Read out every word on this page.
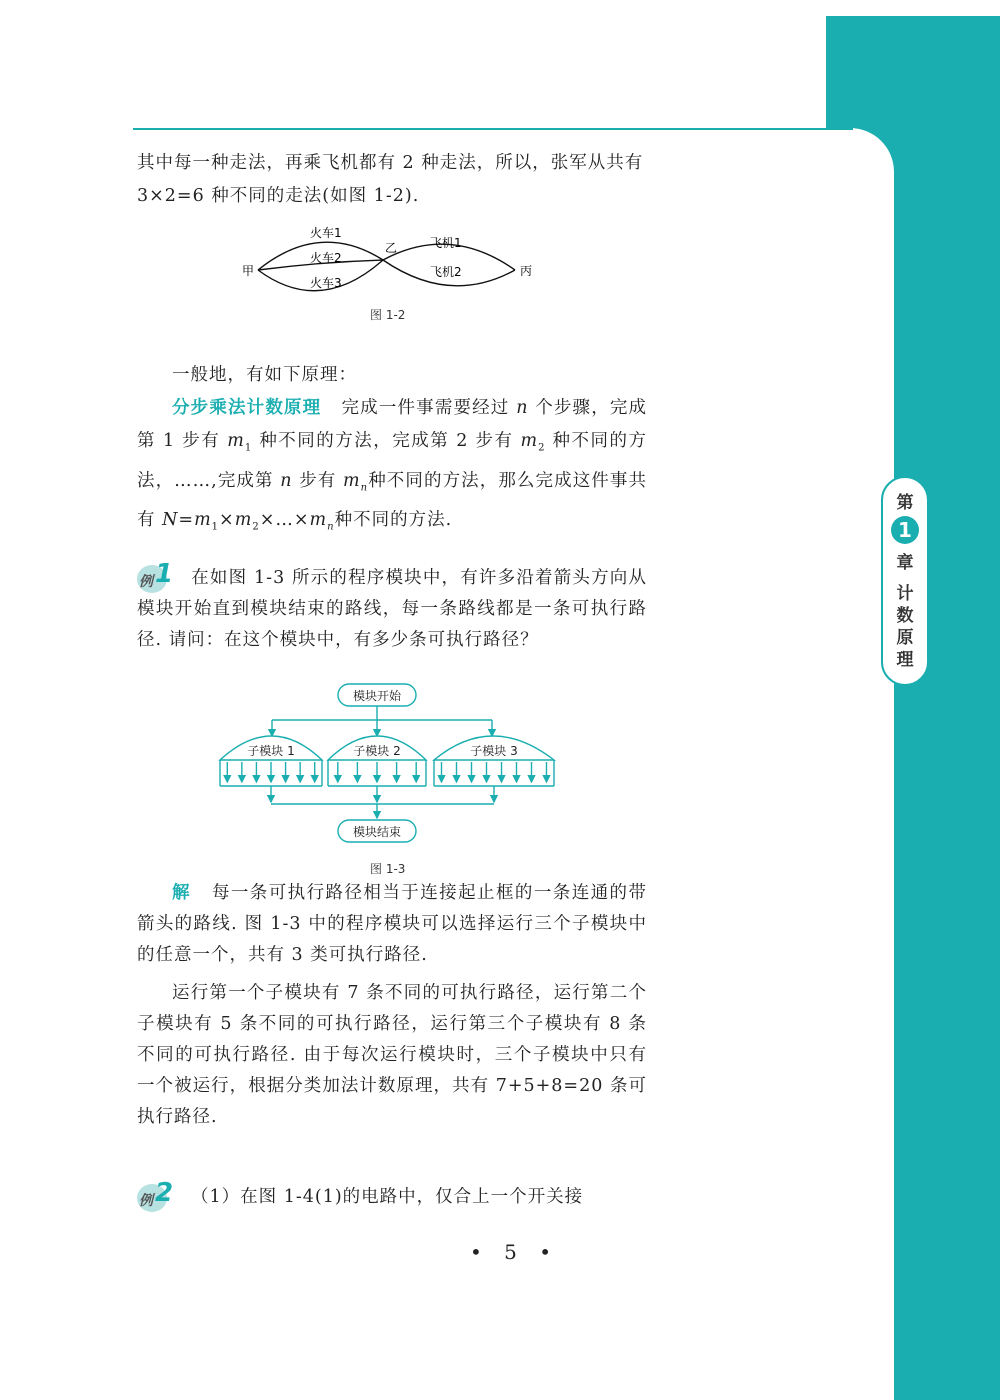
第
1
章
计
数
原
理

其中每一种走法，再乘飞机都有 2 种走法，所以，张军从共有

3×2=6 种不同的走法(如图 1-2).

甲
乙
丙
火车1
火车2
火车3
飞机1
飞机2
图 1-2

一般地，有如下原理：

分步乘法计数原理 完成一件事需要经过 n 个步骤，完成第 1 步有 $m_1$ 种不同的方法，完成第 2 步有 $m_2$ 种不同的方法，……,完成第 n 步有 $m_n$种不同的方法，那么完成这件事共有 $N=m_1\times m_2\times\dots\times m_n$种不同的方法.

例 1 在如图 1-3 所示的程序模块中，有许多沿着箭头方向从模块开始直到模块结束的路线，每一条路线都是一条可执行路径. 请问：在这个模块中，有多少条可执行路径？

模块开始
模块结束
子模块 1	子模块 2	子模块 3
图 1-3

解 每一条可执行路径相当于连接起止框的一条连通的带箭头的路线. 图 1-3 中的程序模块可以选择运行三个子模块中的任意一个，共有 3 类可执行路径.

运行第一个子模块有 7 条不同的可执行路径，运行第二个子模块有 5 条不同的可执行路径，运行第三个子模块有 8 条不同的可执行路径. 由于每次运行模块时，三个子模块中只有一个被运行，根据分类加法计数原理，共有 7+5+8=20 条可执行路径.

例 2 （1）在图 1-4(1)的电路中，仅合上一个开关接

• 5 •
